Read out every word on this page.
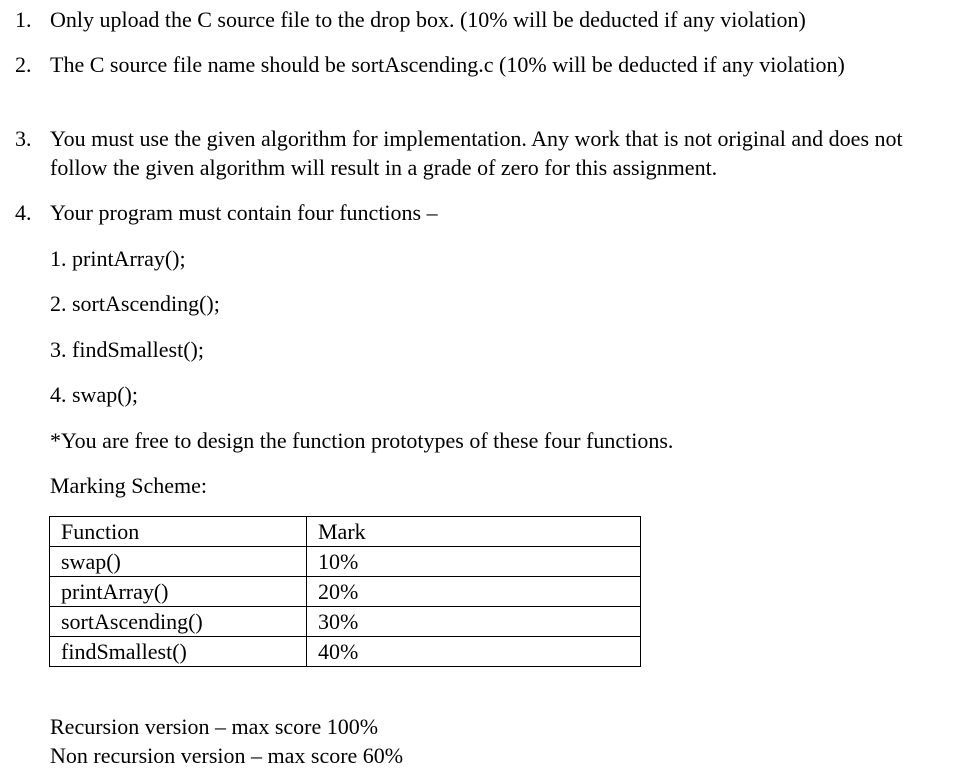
1. Only upload the C source file to the drop box. (10% will be deducted if any violation)
2. The C source file name should be sortAscending.c (10% will be deducted if any violation)
3. You must use the given algorithm for implementation. Any work that is not original and does not follow the given algorithm will result in a grade of zero for this assignment.
4. Your program must contain four functions –
1. printArray();
2. sortAscending();
3. findSmallest();
4. swap();
*You are free to design the function prototypes of these four functions.
Marking Scheme:
Function	Mark
swap()	10%
printArray()	20%
sortAscending()	30%
findSmallest()	40%
Recursion version – max score 100%
Non recursion version – max score 60%
